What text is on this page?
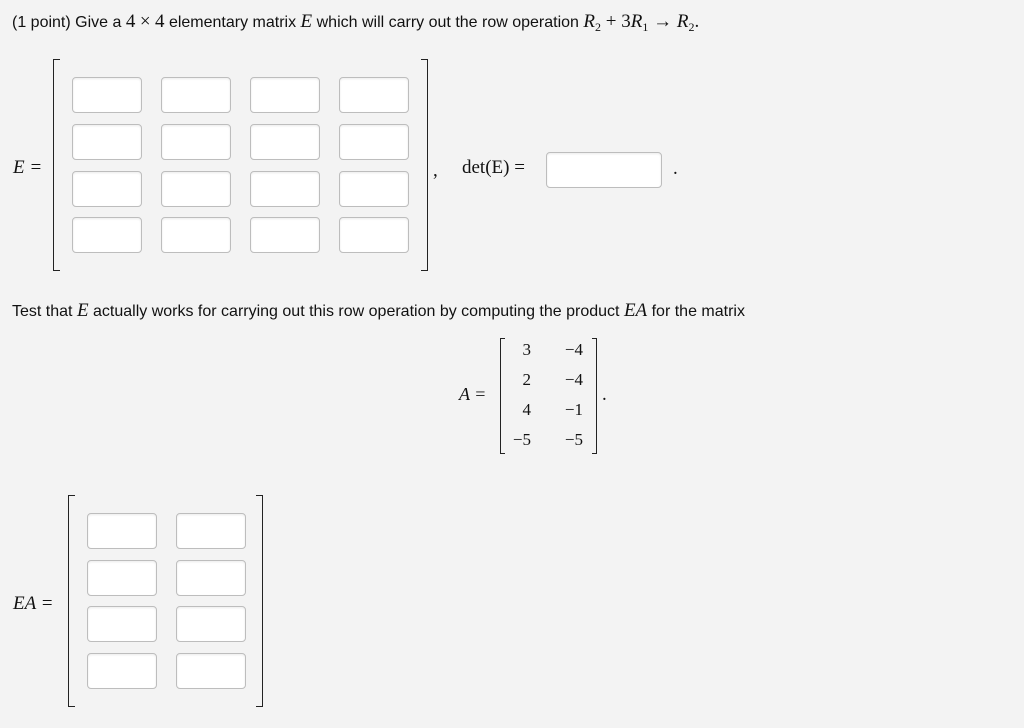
(1 point) Give a 4 × 4 elementary matrix E which will carry out the row operation $R_2 + 3R_1 \to R_2$.
E =	, det(E) =	.
Test that E actually works for carrying out this row operation by computing the product EA for the matrix
A =
3	−4
2	−4
4	−1
−5	−5
.
EA =
